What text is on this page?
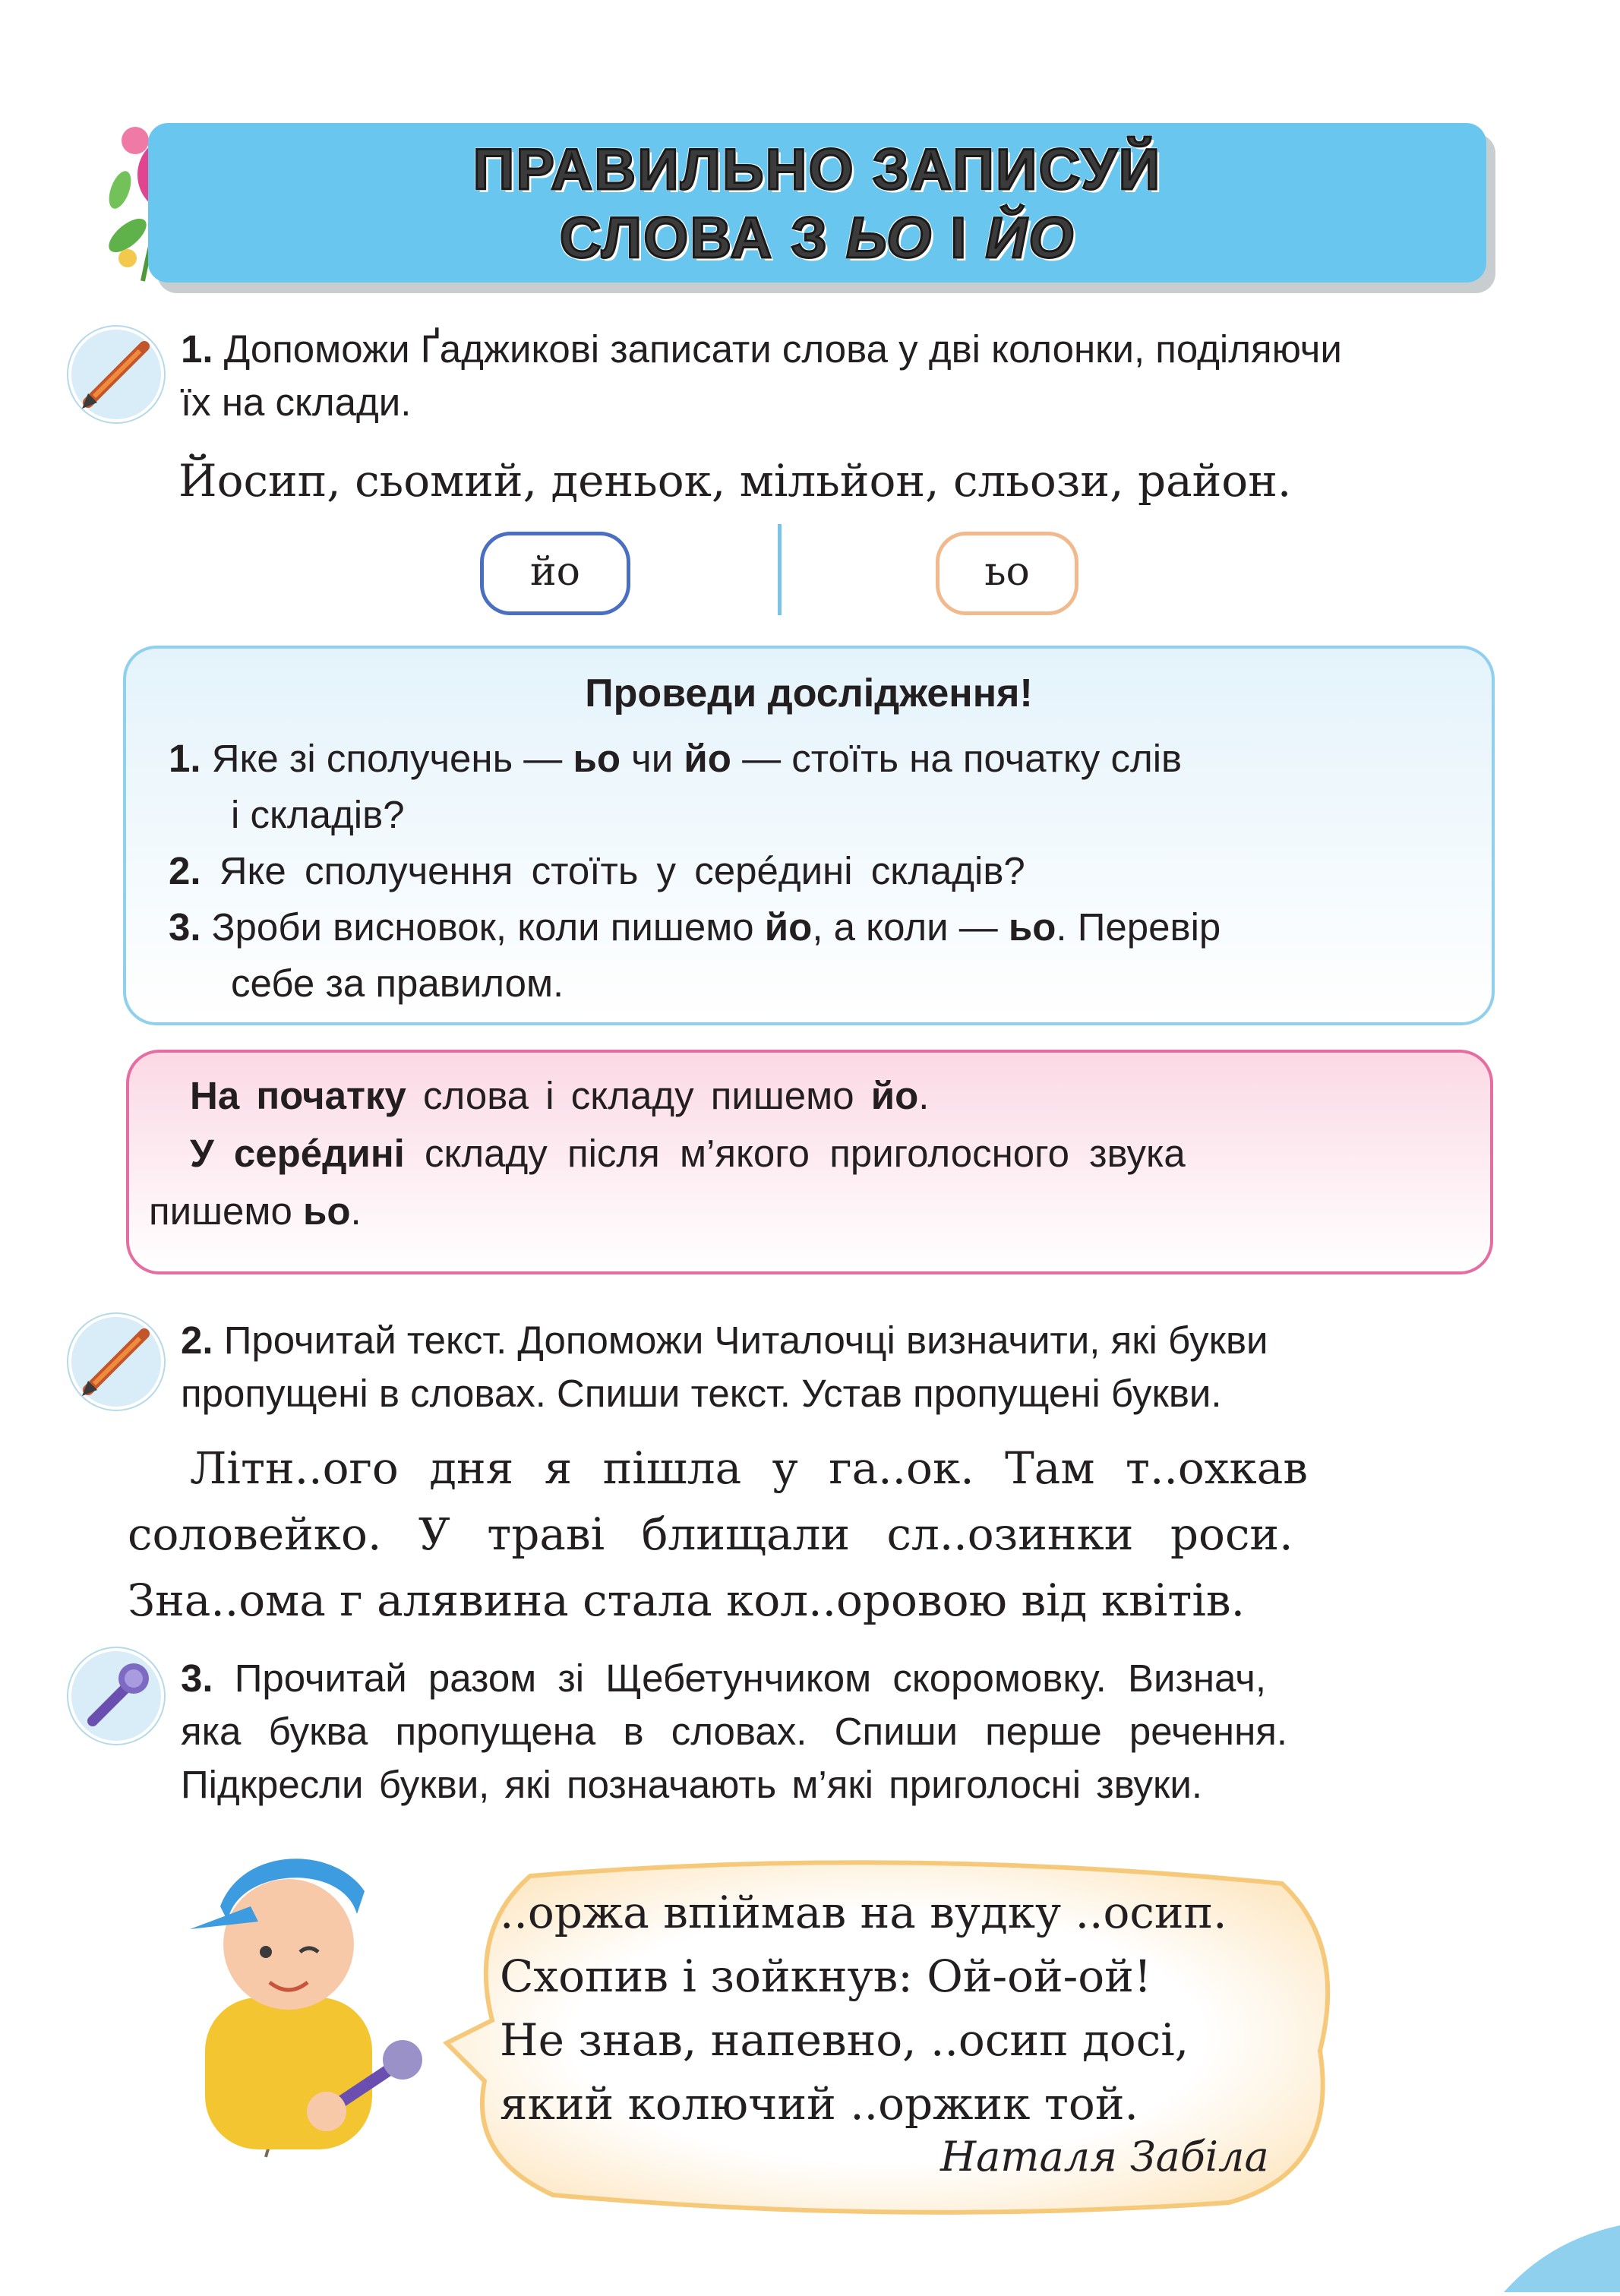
ПРАВИЛЬНО ЗАПИСУЙ
СЛОВА З ЬО І ЙО
1. Допоможи Ґаджикові записати слова у дві колонки, поділяючи
їх на склади.
Йосип, сьомий, деньок, мільйон, сльози, район.
йо	ьо
Проведи дослідження!
1. Яке зі сполучень — ьо чи йо — стоїть на початку слів
і складів?
2. Яке сполучення стоїть у серéдині складів?
3. Зроби висновок, коли пишемо йо, а коли — ьо. Перевір
себе за правилом.
На початку слова і складу пишемо йо.
У серéдині складу після м’якого приголосного звука
пишемо ьо.
2. Прочитай текст. Допоможи Читалочці визначити, які букви
пропущені в словах. Спиши текст. Устав пропущені букви.
Літн..ого дня я пішла у га..ок. Там т..охкав
соловейко. У траві блищали сл..озинки роси.
Зна..ома г алявина стала кол..оровою від квітів.
3. Прочитай разом зі Щебетунчиком скоромовку. Визнач,
яка буква пропущена в словах. Спиши перше речення.
Підкресли букви, які позначають м’які приголосні звуки.
..оржа впіймав на вудку ..осип.
Схопив і зойкнув: Ой-ой-ой!
Не знав, напевно, ..осип досі,
який колючий ..оржик той.
Наталя Забіла
